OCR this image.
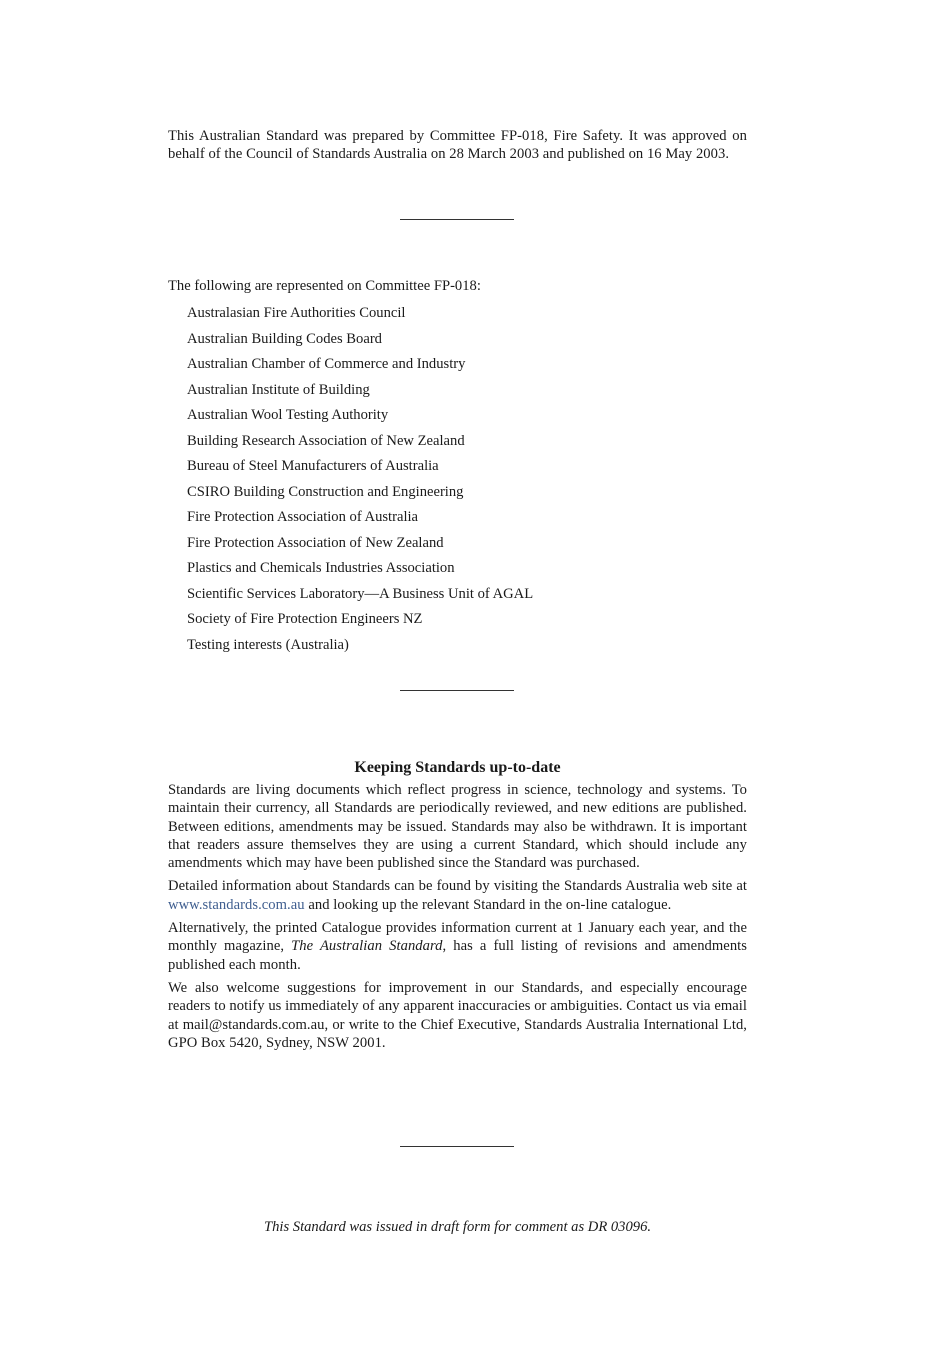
This Australian Standard was prepared by Committee FP-018, Fire Safety. It was approved on behalf of the Council of Standards Australia on 28 March 2003 and published on 16 May 2003.

The following are represented on Committee FP-018:

Australasian Fire Authorities Council
Australian Building Codes Board
Australian Chamber of Commerce and Industry
Australian Institute of Building
Australian Wool Testing Authority
Building Research Association of New Zealand
Bureau of Steel Manufacturers of Australia
CSIRO Building Construction and Engineering
Fire Protection Association of Australia
Fire Protection Association of New Zealand
Plastics and Chemicals Industries Association
Scientific Services Laboratory—A Business Unit of AGAL
Society of Fire Protection Engineers NZ
Testing interests (Australia)
Keeping Standards up-to-date

Standards are living documents which reflect progress in science, technology and systems. To maintain their currency, all Standards are periodically reviewed, and new editions are published. Between editions, amendments may be issued. Standards may also be withdrawn. It is important that readers assure themselves they are using a current Standard, which should include any amendments which may have been published since the Standard was purchased.

Detailed information about Standards can be found by visiting the Standards Australia web site at www.standards.com.au and looking up the relevant Standard in the on-line catalogue.

Alternatively, the printed Catalogue provides information current at 1 January each year, and the monthly magazine, The Australian Standard, has a full listing of revisions and amendments published each month.

We also welcome suggestions for improvement in our Standards, and especially encourage readers to notify us immediately of any apparent inaccuracies or ambiguities. Contact us via email at mail@standards.com.au, or write to the Chief Executive, Standards Australia International Ltd, GPO Box 5420, Sydney, NSW 2001.

This Standard was issued in draft form for comment as DR 03096.
